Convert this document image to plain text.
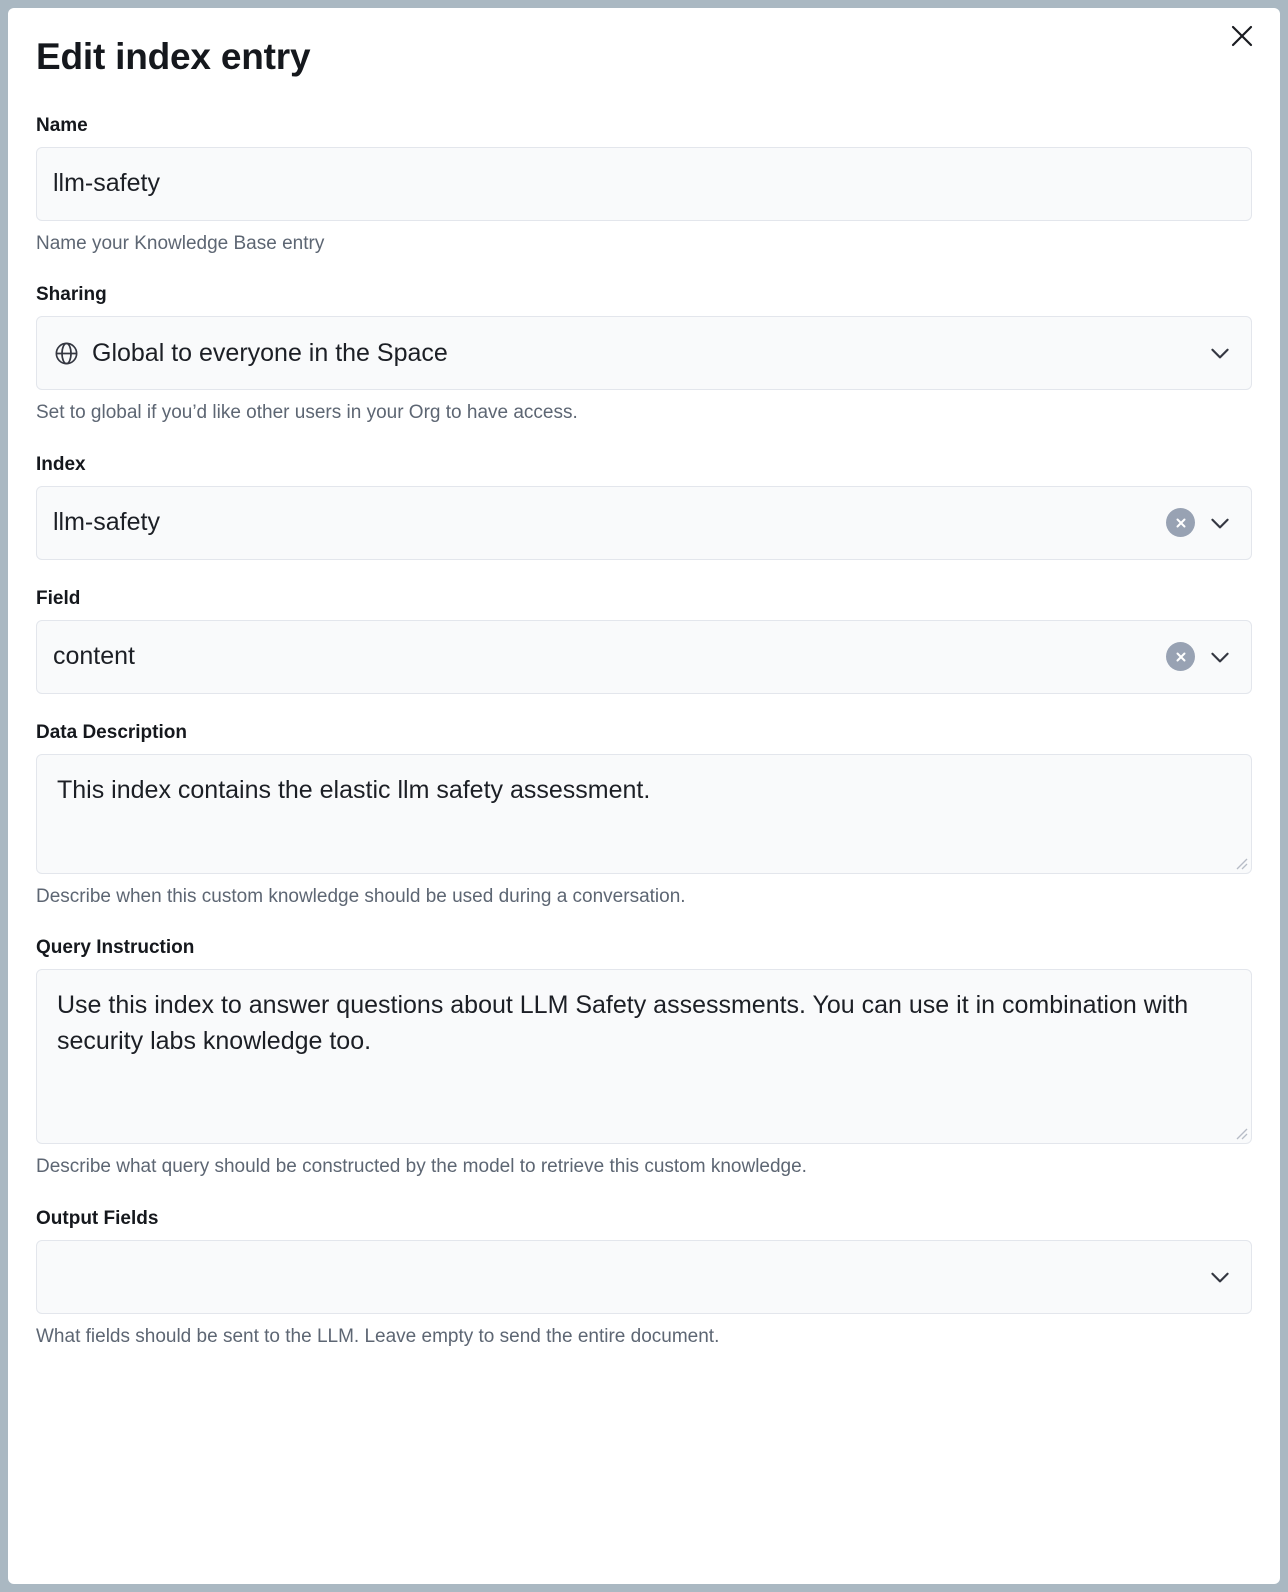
Edit index entry
Name
llm-safety
Name your Knowledge Base entry
Sharing
Global to everyone in the Space
Set to global if you’d like other users in your Org to have access.
Index
llm-safety
Field
content
Data Description
This index contains the elastic llm safety assessment.
Describe when this custom knowledge should be used during a conversation.
Query Instruction
Use this index to answer questions about LLM Safety assessments. You can use it in combination with security labs knowledge too.
Describe what query should be constructed by the model to retrieve this custom knowledge.
Output Fields
What fields should be sent to the LLM. Leave empty to send the entire document.
